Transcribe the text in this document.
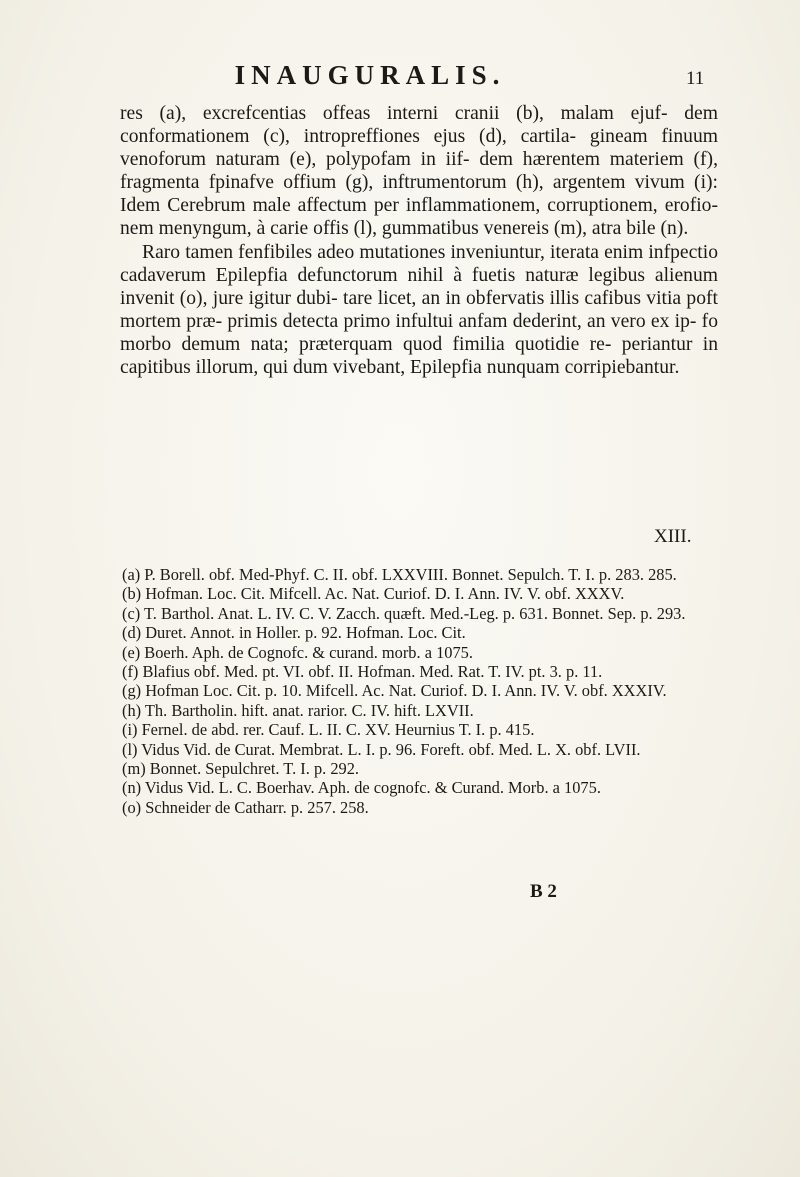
INAUGURALIS.	11

res (a), excrefcentias offeas interni cranii (b), malam ejuf- dem conformationem (c), intropreffiones ejus (d), cartila- gineam finuum venoforum naturam (e), polypofam in iif- dem hærentem materiem (f), fragmenta fpinafve offium (g), inftrumentorum (h), argentem vivum (i): Idem Cerebrum male affectum per inflammationem, corruptionem, erofio- nem menyngum, à carie offis (l), gummatibus venereis (m), atra bile (n).

Raro tamen fenfibiles adeo mutationes inveniuntur, iterata enim infpectio cadaverum Epilepfia defunctorum nihil à fuetis naturæ legibus alienum invenit (o), jure igitur dubi- tare licet, an in obfervatis illis cafibus vitia poft mortem præ- primis detecta primo infultui anfam dederint, an vero ex ip- fo morbo demum nata; præterquam quod fimilia quotidie re- periantur in capitibus illorum, qui dum vivebant, Epilepfia nunquam corripiebantur.

XIII.

(a) P. Borell. obf. Med-Phyf. C. II. obf. LXXVIII. Bonnet. Sepulch. T. I. p. 283. 285.

(b) Hofman. Loc. Cit. Mifcell. Ac. Nat. Curiof. D. I. Ann. IV. V. obf. XXXV.

(c) T. Barthol. Anat. L. IV. C. V. Zacch. quæft. Med.-Leg. p. 631. Bonnet. Sep. p. 293.

(d) Duret. Annot. in Holler. p. 92. Hofman. Loc. Cit.

(e) Boerh. Aph. de Cognofc. & curand. morb. a 1075.

(f) Blafius obf. Med. pt. VI. obf. II. Hofman. Med. Rat. T. IV. pt. 3. p. 11.

(g) Hofman Loc. Cit. p. 10. Mifcell. Ac. Nat. Curiof. D. I. Ann. IV. V. obf. XXXIV.

(h) Th. Bartholin. hift. anat. rarior. C. IV. hift. LXVII.

(i) Fernel. de abd. rer. Cauf. L. II. C. XV. Heurnius T. I. p. 415.

(l) Vidus Vid. de Curat. Membrat. L. I. p. 96. Foreft. obf. Med. L. X. obf. LVII.

(m) Bonnet. Sepulchret. T. I. p. 292.

(n) Vidus Vid. L. C. Boerhav. Aph. de cognofc. & Curand. Morb. a 1075.

(o) Schneider de Catharr. p. 257. 258.

B 2
